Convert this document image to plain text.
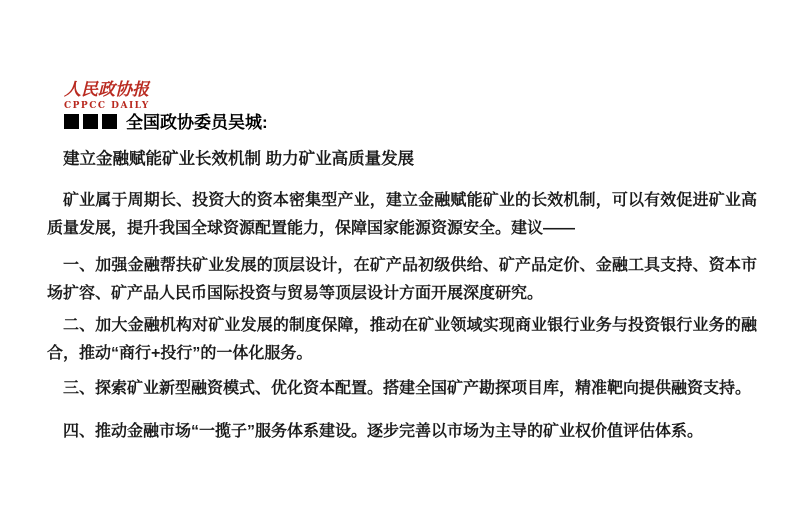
人民政协报
CPPCC DAILY
全国政协委员吴城:
建立金融赋能矿业长效机制 助力矿业高质量发展

矿业属于周期长、投资大的资本密集型产业，建立金融赋能矿业的长效机制，可以有效促进矿业高质量发展，提升我国全球资源配置能力，保障国家能源资源安全。建议——

一、加强金融帮扶矿业发展的顶层设计，在矿产品初级供给、矿产品定价、金融工具支持、资本市场扩容、矿产品人民币国际投资与贸易等顶层设计方面开展深度研究。

二、加大金融机构对矿业发展的制度保障，推动在矿业领域实现商业银行业务与投资银行业务的融合，推动“商行+投行”的一体化服务。

三、探索矿业新型融资模式、优化资本配置。搭建全国矿产勘探项目库，精准靶向提供融资支持。

四、推动金融市场“一揽子”服务体系建设。逐步完善以市场为主导的矿业权价值评估体系。
